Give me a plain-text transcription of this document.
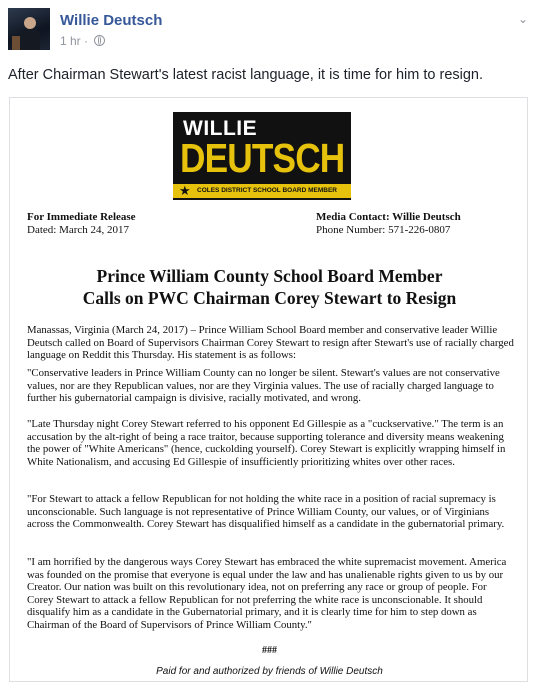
Willie Deutsch
1 hr ·
⌄
After Chairman Stewart's latest racist language, it is time for him to resign.
WILLIE
DEUTSCH
★ COLES DISTRICT SCHOOL BOARD MEMBER
For Immediate Release
Dated: March 24, 2017
Media Contact: Willie Deutsch
Phone Number: 571-226-0807
Prince William County School Board Member
Calls on PWC Chairman Corey Stewart to Resign
Manassas, Virginia (March 24, 2017) – Prince William School Board member and conservative leader Willie Deutsch called on Board of Supervisors Chairman Corey Stewart to resign after Stewart's use of racially charged language on Reddit this Thursday. His statement is as follows:
"Conservative leaders in Prince William County can no longer be silent. Stewart's values are not conservative values, nor are they Republican values, nor are they Virginia values. The use of racially charged language to further his gubernatorial campaign is divisive, racially motivated, and wrong.
"Late Thursday night Corey Stewart referred to his opponent Ed Gillespie as a "cuckservative." The term is an accusation by the alt-right of being a race traitor, because supporting tolerance and diversity means weakening the power of "White Americans" (hence, cuckolding yourself). Corey Stewart is explicitly wrapping himself in White Nationalism, and accusing Ed Gillespie of insufficiently prioritizing whites over other races.
"For Stewart to attack a fellow Republican for not holding the white race in a position of racial supremacy is unconscionable. Such language is not representative of Prince William County, our values, or of Virginians across the Commonwealth. Corey Stewart has disqualified himself as a candidate in the gubernatorial primary.
"I am horrified by the dangerous ways Corey Stewart has embraced the white supremacist movement. America was founded on the promise that everyone is equal under the law and has unalienable rights given to us by our Creator. Our nation was built on this revolutionary idea, not on preferring any race or group of people. For Corey Stewart to attack a fellow Republican for not preferring the white race is unconscionable. It should disqualify him as a candidate in the Gubernatorial primary, and it is clearly time for him to step down as Chairman of the Board of Supervisors of Prince William County."
###
Paid for and authorized by friends of Willie Deutsch
